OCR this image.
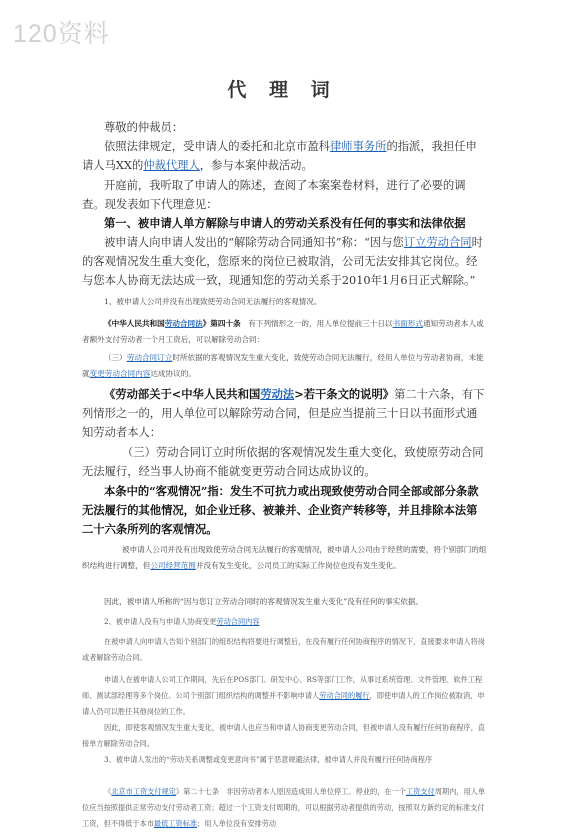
120资料
代 理 词

尊敬的仲裁员：

依照法律规定，受申请人的委托和北京市盈科律师事务所的指派，我担任申请人马XX的仲裁代理人，参与本案仲裁活动。

开庭前，我听取了申请人的陈述，查阅了本案案卷材料，进行了必要的调查。现发表如下代理意见：

第一、被申请人单方解除与申请人的劳动关系没有任何的事实和法律依据

被申请人向申请人发出的“解除劳动合同通知书”称：“因与您订立劳动合同时的客观情况发生重大变化，您原来的岗位已被取消，公司无法安排其它岗位。经与您本人协商无法达成一致，现通知您的劳动关系于2010年1月6日正式解除。”

1、被申请人公司并没有出现致使劳动合同无法履行的客观情况。

《中华人民共和国劳动合同法》第四十条　有下列情形之一的，用人单位提前三十日以书面形式通知劳动者本人或者额外支付劳动者一个月工资后，可以解除劳动合同：

（三）劳动合同订立时所依据的客观情况发生重大变化，致使劳动合同无法履行，经用人单位与劳动者协商，未能就变更劳动合同内容达成协议的。

《劳动部关于<中华人民共和国劳动法>若干条文的说明》第二十六条，有下列情形之一的，用人单位可以解除劳动合同，但是应当提前三十日以书面形式通知劳动者本人：

（三）劳动合同订立时所依据的客观情况发生重大变化，致使原劳动合同无法履行，经当事人协商不能就变更劳动合同达成协议的。

本条中的“客观情况”指：发生不可抗力或出现致使劳动合同全部或部分条款无法履行的其他情况，如企业迁移、被兼并、企业资产转移等，并且排除本法第二十六条所列的客观情况。

被申请人公司并没有出现致使劳动合同无法履行的客观情况，被申请人公司由于经营的需要，将个别部门的组织结构进行调整，但公司经营范围并没有发生变化，公司员工的实际工作岗位也没有发生变化。

因此，被申请人所称的“因与您订立劳动合同时的客观情况发生重大变化”没有任何的事实依据。

2、被申请人没有与申请人协商变更劳动合同内容

在被申请人向申请人告知个别部门的组织结构将要进行调整后，在没有履行任何协商程序的情况下，直接要求申请人将岗或者解除劳动合同。

申请人在被申请人公司工作期间，先后在POS部门、研发中心、RS等部门工作，从事过系统管理、文件管理、软件工程师、测试部经理等多个岗位。公司个别部门组织结构的调整并不影响申请人劳动合同的履行，即使申请人的工作岗位被取消，申请人仍可以胜任其他岗位的工作。

因此，即使客观情况发生重大变化，被申请人也应当和申请人协商变更劳动合同，但被申请人没有履行任何协商程序，直接单方解除劳动合同。

3、被申请人发出的“劳动关系调整或变更意向书”属于恶意规避法律，被申请人并没有履行任何协商程序

《北京市工资支付规定》第二十七条　非因劳动者本人原因造成用人单位停工、停业的，在一个工资支付周期内，用人单位应当按照提供正常劳动支付劳动者工资；超过一个工资支付周期的，可以根据劳动者提供的劳动，按照双方新约定的标准支付工资，但不得低于本市最低工资标准；用人单位没有安排劳动
